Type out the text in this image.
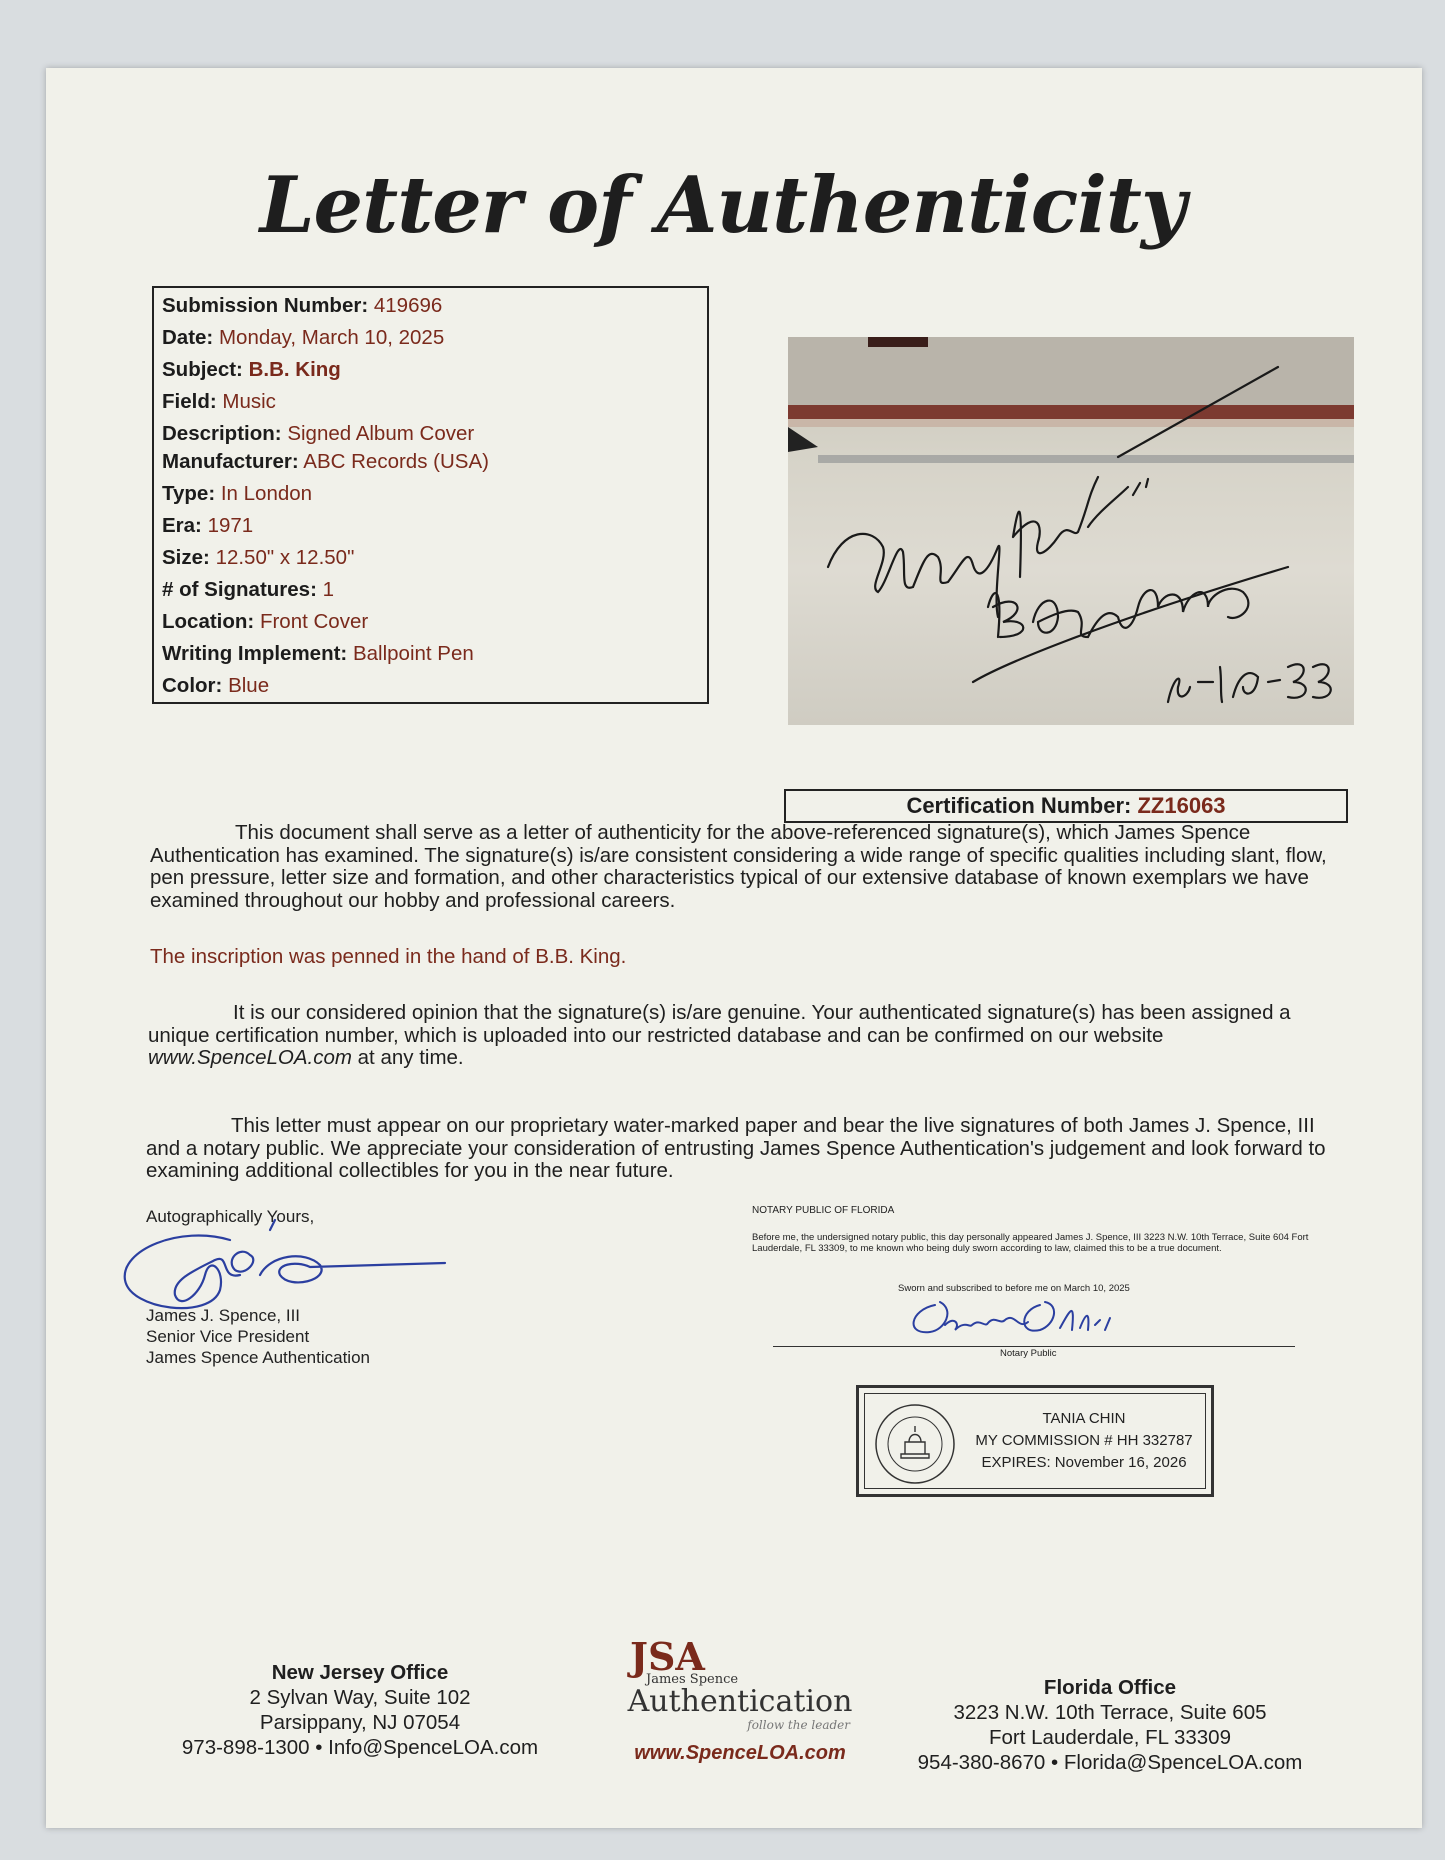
Letter of Authenticity
Submission Number: 419696
Date: Monday, March 10, 2025
Subject: B.B. King
Field: Music
Description: Signed Album Cover
Manufacturer: ABC Records (USA)
Type: In London
Era: 1971
Size: 12.50" x 12.50"
# of Signatures: 1
Location: Front Cover
Writing Implement: Ballpoint Pen
Color: Blue
Certification Number: ZZ16063
This document shall serve as a letter of authenticity for the above-referenced signature(s), which James Spence Authentication has examined. The signature(s) is/are consistent considering a wide range of specific qualities including slant, flow, pen pressure, letter size and formation, and other characteristics typical of our extensive database of known exemplars we have examined throughout our hobby and professional careers.
The inscription was penned in the hand of B.B. King.
It is our considered opinion that the signature(s) is/are genuine. Your authenticated signature(s) has been assigned a unique certification number, which is uploaded into our restricted database and can be confirmed on our website www.SpenceLOA.com at any time.
This letter must appear on our proprietary water-marked paper and bear the live signatures of both James J. Spence, III and a notary public. We appreciate your consideration of entrusting James Spence Authentication's judgement and look forward to examining additional collectibles for you in the near future.
Autographically Yours,
James J. Spence, III
Senior Vice President
James Spence Authentication
NOTARY PUBLIC OF FLORIDA
Before me, the undersigned notary public, this day personally appeared James J. Spence, III 3223 N.W. 10th Terrace, Suite 604 Fort Lauderdale, FL 33309, to me known who being duly sworn according to law, claimed this to be a true document.
Sworn and subscribed to before me on March 10, 2025
Notary Public
TANIA CHIN
MY COMMISSION # HH 332787
EXPIRES: November 16, 2026
New Jersey Office
2 Sylvan Way, Suite 102
Parsippany, NJ 07054
973-898-1300 • Info@SpenceLOA.com
JSA
James Spence
Authentication
follow the leader
www.SpenceLOA.com
Florida Office
3223 N.W. 10th Terrace, Suite 605
Fort Lauderdale, FL 33309
954-380-8670 • Florida@SpenceLOA.com
